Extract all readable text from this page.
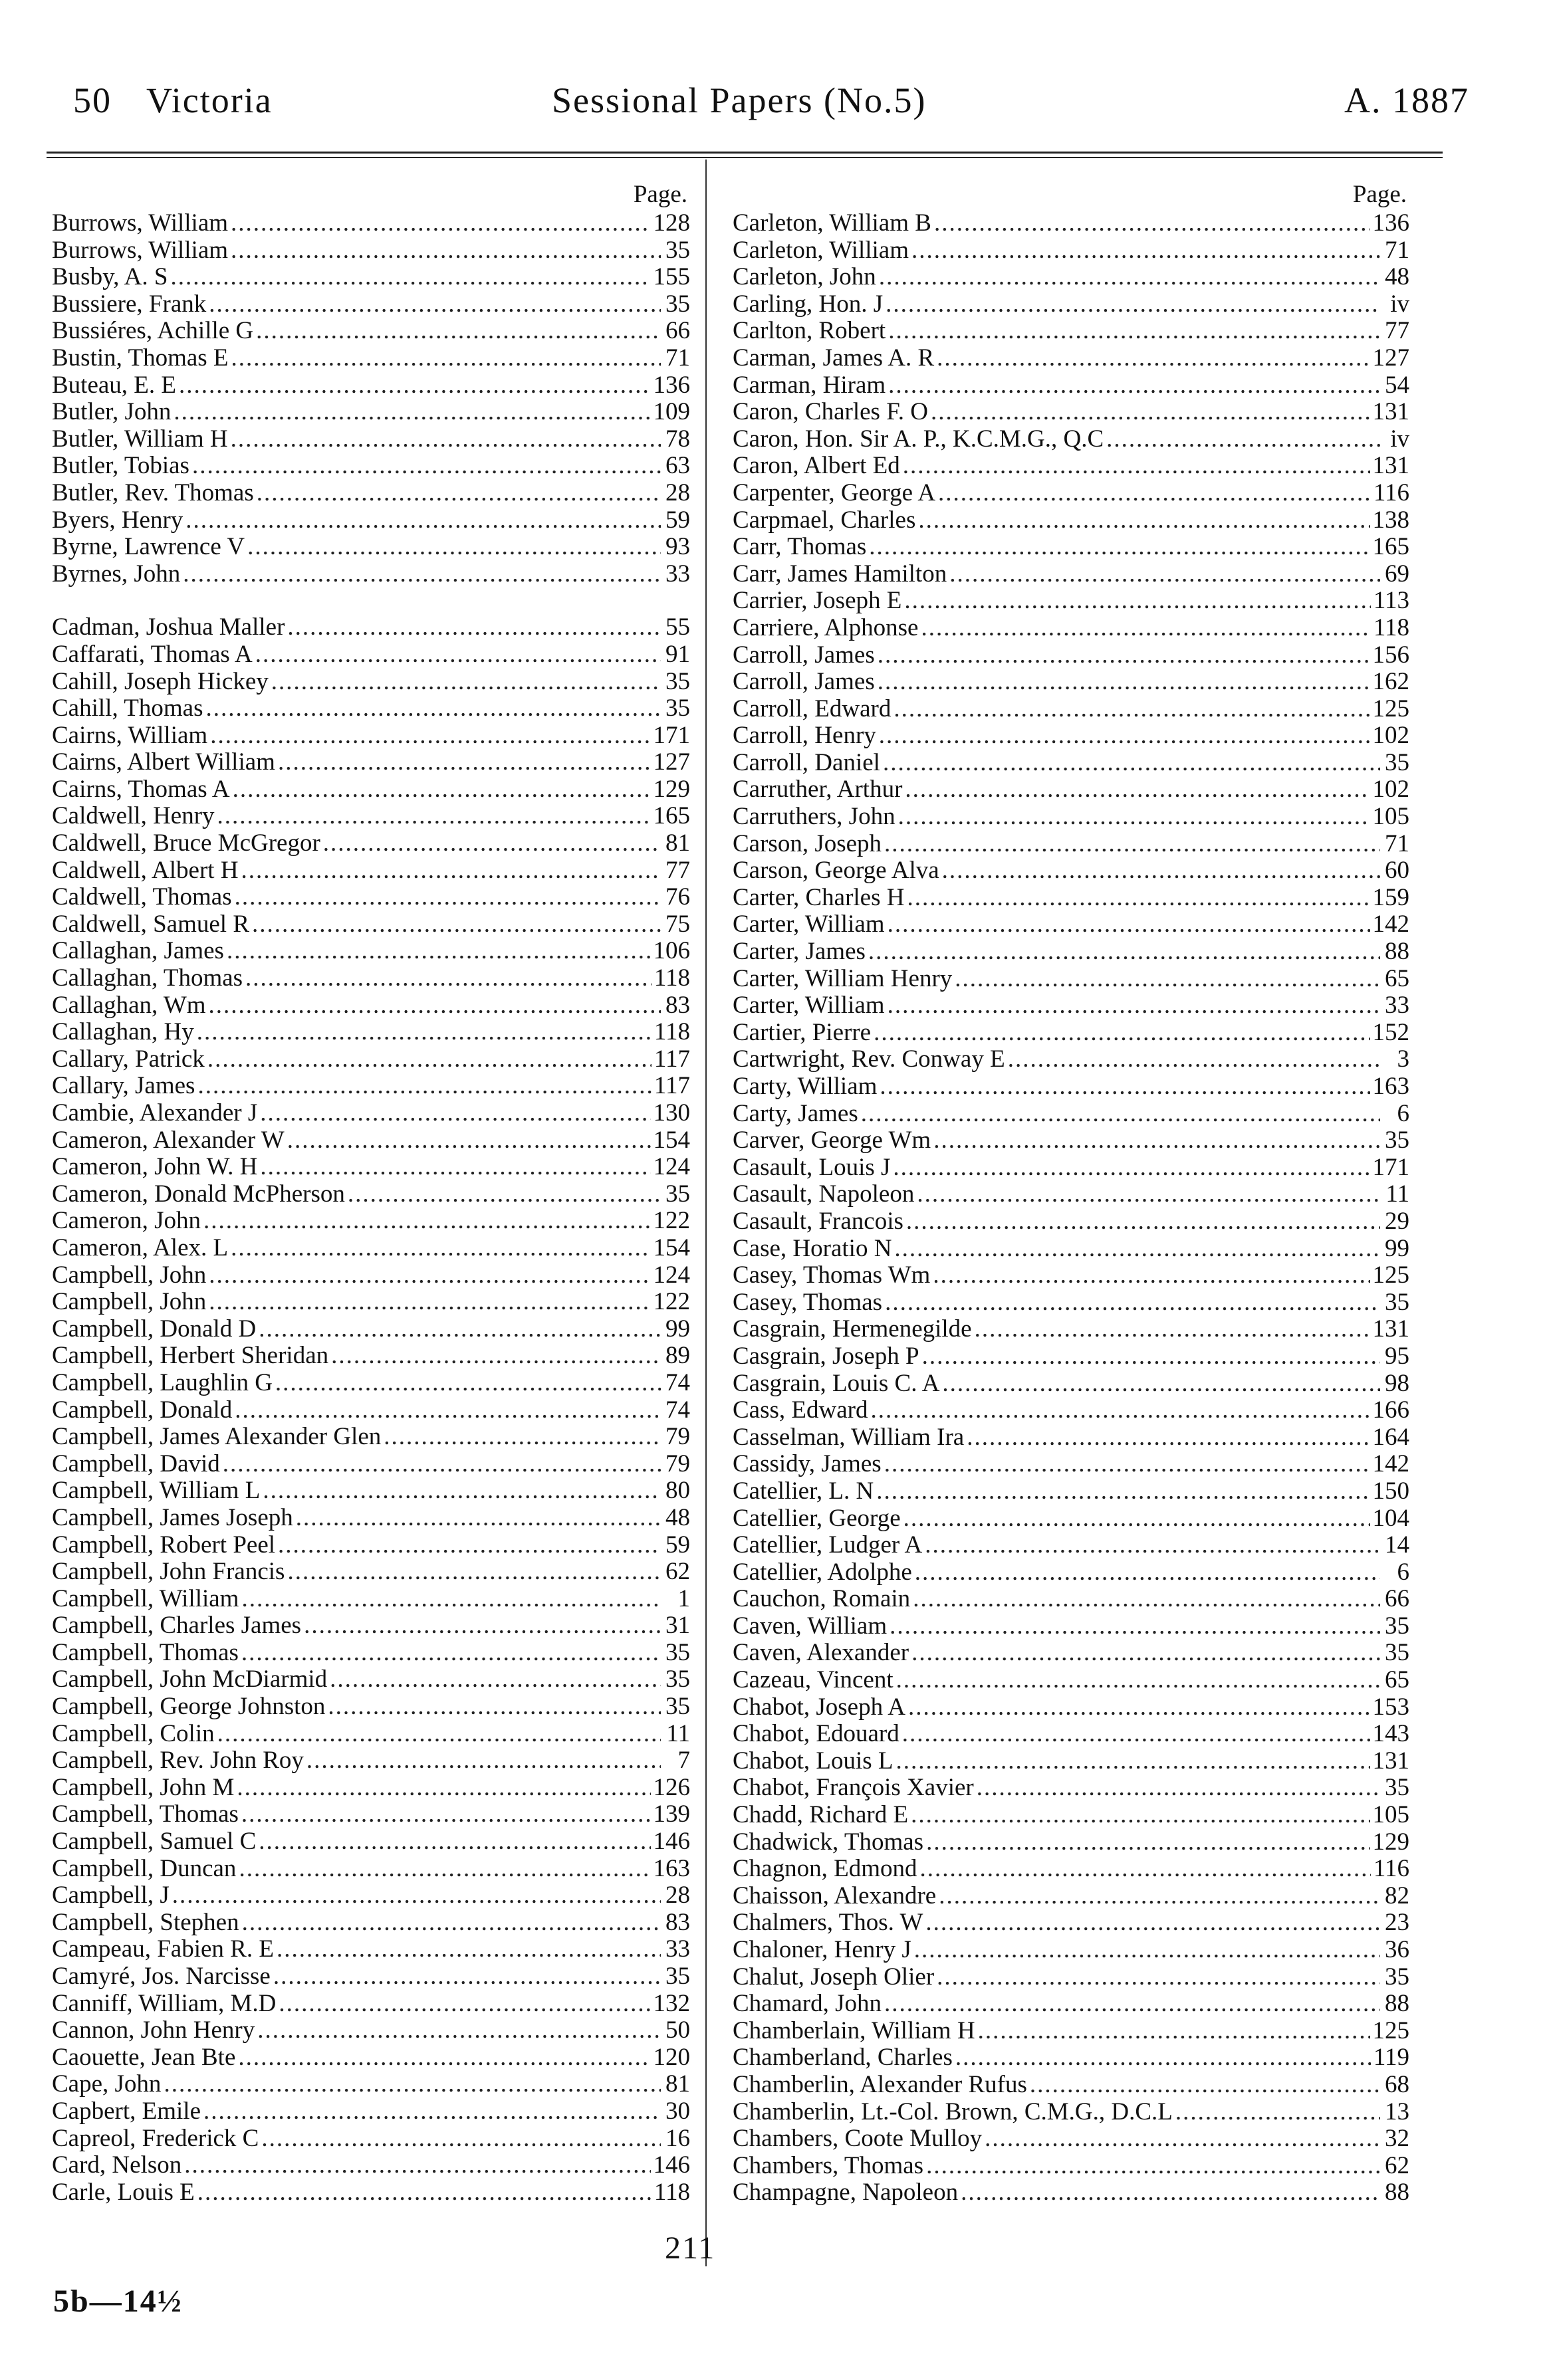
50 Victoria	Sessional Papers (No.5)	A. 1887
Page.
Burrows, William .....	128
Burrows, William .....	35
Busby, A. S .....	155
Bussiere, Frank .....	35
Bussiéres, Achille G .....	66
Bustin, Thomas E .....	71
Buteau, E. E .....	136
Butler, John .....	109
Butler, William H .....	78
Butler, Tobias .....	63
Butler, Rev. Thomas .....	28
Byers, Henry .....	59
Byrne, Lawrence V .....	93
Byrnes, John .....	33
Cadman, Joshua Maller .....	55
Caffarati, Thomas A .....	91
Cahill, Joseph Hickey .....	35
Cahill, Thomas .....	35
Cairns, William .....	171
Cairns, Albert William .....	127
Cairns, Thomas A .....	129
Caldwell, Henry .....	165
Caldwell, Bruce McGregor .....	81
Caldwell, Albert H .....	77
Caldwell, Thomas .....	76
Caldwell, Samuel R .....	75
Callaghan, James .....	106
Callaghan, Thomas .....	118
Callaghan, Wm .....	83
Callaghan, Hy .....	118
Callary, Patrick .....	117
Callary, James .....	117
Cambie, Alexander J .....	130
Cameron, Alexander W .....	154
Cameron, John W. H .....	124
Cameron, Donald McPherson .....	35
Cameron, John .....	122
Cameron, Alex. L .....	154
Campbell, John .....	124
Campbell, John .....	122
Campbell, Donald D .....	99
Campbell, Herbert Sheridan .....	89
Campbell, Laughlin G .....	74
Campbell, Donald .....	74
Campbell, James Alexander Glen .....	79
Campbell, David .....	79
Campbell, William L .....	80
Campbell, James Joseph .....	48
Campbell, Robert Peel .....	59
Campbell, John Francis .....	62
Campbell, William .....	1
Campbell, Charles James .....	31
Campbell, Thomas .....	35
Campbell, John McDiarmid .....	35
Campbell, George Johnston .....	35
Campbell, Colin .....	11
Campbell, Rev. John Roy .....	7
Campbell, John M .....	126
Campbell, Thomas .....	139
Campbell, Samuel C .....	146
Campbell, Duncan .....	163
Campbell, J .....	28
Campbell, Stephen .....	83
Campeau, Fabien R. E .....	33
Camyré, Jos. Narcisse .....	35
Canniff, William, M.D .....	132
Cannon, John Henry .....	50
Caouette, Jean Bte .....	120
Cape, John .....	81
Capbert, Emile .....	30
Capreol, Frederick C .....	16
Card, Nelson .....	146
Carle, Louis E .....	118
Page.
Carleton, William B .....	136
Carleton, William .....	71
Carleton, John .....	48
Carling, Hon. J .....	iv
Carlton, Robert .....	77
Carman, James A. R .....	127
Carman, Hiram .....	54
Caron, Charles F. O .....	131
Caron, Hon. Sir A. P., K.C.M.G., Q.C .....	iv
Caron, Albert Ed .....	131
Carpenter, George A .....	116
Carpmael, Charles .....	138
Carr, Thomas .....	165
Carr, James Hamilton .....	69
Carrier, Joseph E .....	113
Carriere, Alphonse .....	118
Carroll, James .....	156
Carroll, James .....	162
Carroll, Edward .....	125
Carroll, Henry .....	102
Carroll, Daniel .....	35
Carruther, Arthur .....	102
Carruthers, John .....	105
Carson, Joseph .....	71
Carson, George Alva .....	60
Carter, Charles H .....	159
Carter, William .....	142
Carter, James .....	88
Carter, William Henry .....	65
Carter, William .....	33
Cartier, Pierre .....	152
Cartwright, Rev. Conway E .....	3
Carty, William .....	163
Carty, James .....	6
Carver, George Wm .....	35
Casault, Louis J .....	171
Casault, Napoleon .....	11
Casault, Francois .....	29
Case, Horatio N .....	99
Casey, Thomas Wm .....	125
Casey, Thomas .....	35
Casgrain, Hermenegilde .....	131
Casgrain, Joseph P .....	95
Casgrain, Louis C. A .....	98
Cass, Edward .....	166
Casselman, William Ira .....	164
Cassidy, James .....	142
Catellier, L. N .....	150
Catellier, George .....	104
Catellier, Ludger A .....	14
Catellier, Adolphe .....	6
Cauchon, Romain .....	66
Caven, William .....	35
Caven, Alexander .....	35
Cazeau, Vincent .....	65
Chabot, Joseph A .....	153
Chabot, Edouard .....	143
Chabot, Louis L .....	131
Chabot, François Xavier .....	35
Chadd, Richard E .....	105
Chadwick, Thomas .....	129
Chagnon, Edmond .....	116
Chaisson, Alexandre .....	82
Chalmers, Thos. W .....	23
Chaloner, Henry J .....	36
Chalut, Joseph Olier .....	35
Chamard, John .....	88
Chamberlain, William H .....	125
Chamberland, Charles .....	119
Chamberlin, Alexander Rufus .....	68
Chamberlin, Lt.-Col. Brown, C.M.G., D.C.L .....	13
Chambers, Coote Mulloy .....	32
Chambers, Thomas .....	62
Champagne, Napoleon .....	88
211
5b—14½
